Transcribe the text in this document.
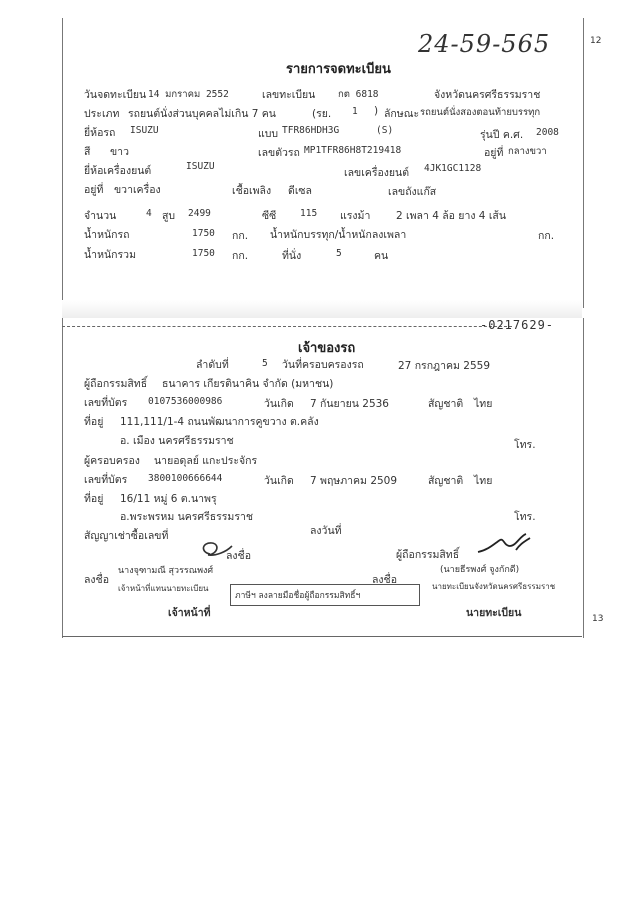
24-59-565	12
13
รายการจดทะเบียน
วันจดทะเบียน 14 มกราคม 2552	เลขทะเบียน กต 6818	จังหวัดนครศรีธรรมราช
ประเภท รถยนต์นั่งส่วนบุคคลไม่เกิน 7 คน	(รย. 1 ) ลักษณะ รถยนต์นั่งสองตอนท้ายบรรทุก
ยี่ห้อรถ ISUZU	แบบ TFR86HDH3G	(S)	รุ่นปี ค.ศ. 2008
สี ขาว	เลขตัวรถ MP1TFR86H8T219418	อยู่ที่ กลางขวา
ยี่ห้อเครื่องยนต์	ISUZU
เลขเครื่องยนต์ 4JK1GC1128
อยู่ที่ ขวาเครื่อง	เชื้อเพลิง ดีเซล	เลขถังแก๊ส
จำนวน	4 สูบ 2499	ซีซี 115 แรงม้า 2 เพลา 4 ล้อ ยาง 4 เส้น
น้ำหนักรถ	1750 กก. น้ำหนักบรรทุก/น้ำหนักลงเพลา	กก.
น้ำหนักรวม	1750 กก.	ที่นั่ง	5	คน
-0217629-
เจ้าของรถ
ลำดับที่	5 วันที่ครอบครองรถ	27 กรกฎาคม 2559
ผู้ถือกรรมสิทธิ์ ธนาคาร เกียรตินาคิน จำกัด (มหาชน)
เลขที่บัตร 0107536000986	วันเกิด 7 กันยายน 2536	สัญชาติ ไทย
ที่อยู่ 111,111/1-4 ถนนพัฒนาการคูขวาง ต.คลัง
อ. เมือง นครศรีธรรมราช	โทร.
ผู้ครอบครอง นายอดุลย์ แกะประจักร
เลขที่บัตร 3800100666644	วันเกิด 7 พฤษภาคม 2509	สัญชาติ ไทย
ที่อยู่ 16/11 หมู่ 6 ต.นาพรุ
อ.พระพรหม นครศรีธรรมราช	โทร.
สัญญาเช่าซื้อเลขที่	ลงวันที่
ลงชื่อ	ผู้ถือกรรมสิทธิ์
นางจุฑามณี สุวรรณพงศ์	(นายธีรพงศ์ จูงกักดี)
ลงชื่อ	ลงชื่อ
เจ้าหน้าที่แทนนายทะเบียน	นายทะเบียนจังหวัดนครศรีธรรมราช
ภาษีฯ ลงลายมือชื่อผู้ถือกรรมสิทธิ์ฯ
เจ้าหน้าที่	นายทะเบียน
